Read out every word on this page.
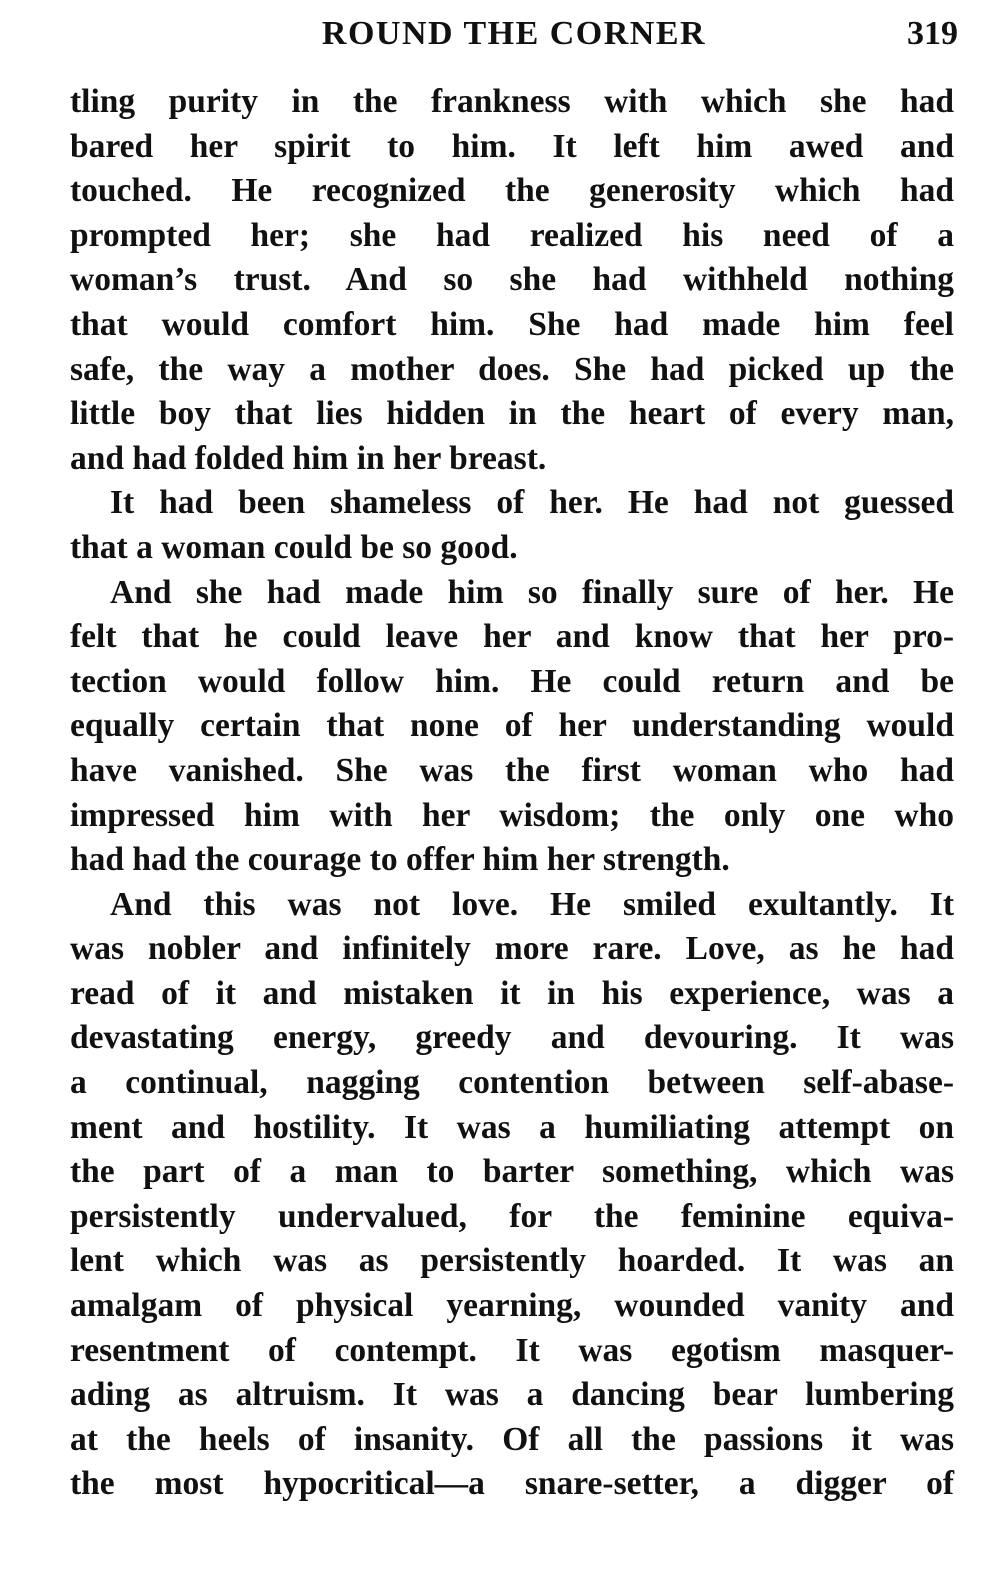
ROUND THE CORNER	319
tling purity in the frankness with which she had
bared her spirit to him. It left him awed and
touched. He recognized the generosity which had
prompted her; she had realized his need of a
woman’s trust. And so she had withheld nothing
that would comfort him. She had made him feel
safe, the way a mother does. She had picked up the
little boy that lies hidden in the heart of every man,
and had folded him in her breast.
It had been shameless of her. He had not guessed
that a woman could be so good.
And she had made him so finally sure of her. He
felt that he could leave her and know that her pro-
tection would follow him. He could return and be
equally certain that none of her understanding would
have vanished. She was the first woman who had
impressed him with her wisdom; the only one who
had had the courage to offer him her strength.
And this was not love. He smiled exultantly. It
was nobler and infinitely more rare. Love, as he had
read of it and mistaken it in his experience, was a
devastating energy, greedy and devouring. It was
a continual, nagging contention between self-abase-
ment and hostility. It was a humiliating attempt on
the part of a man to barter something, which was
persistently undervalued, for the feminine equiva-
lent which was as persistently hoarded. It was an
amalgam of physical yearning, wounded vanity and
resentment of contempt. It was egotism masquer-
ading as altruism. It was a dancing bear lumbering
at the heels of insanity. Of all the passions it was
the most hypocritical—a snare-setter, a digger of
